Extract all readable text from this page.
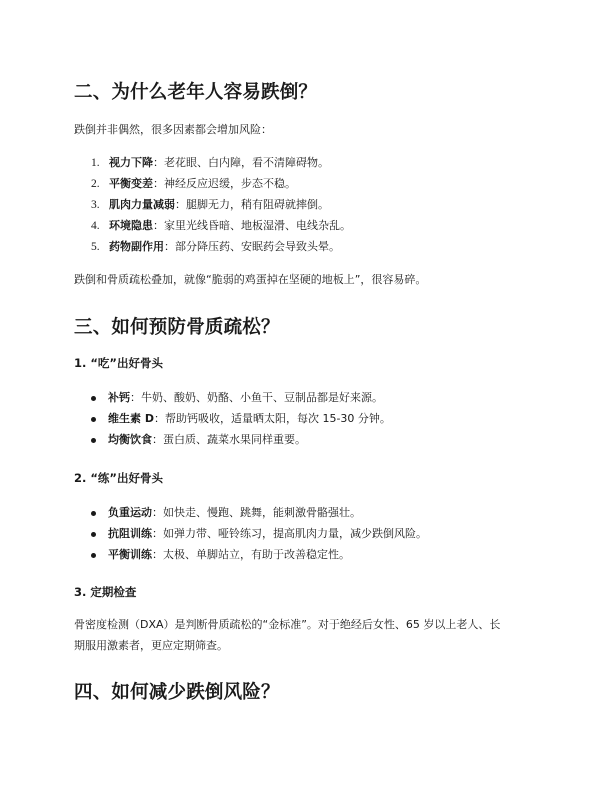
二、为什么老年人容易跌倒？

跌倒并非偶然，很多因素都会增加风险：

1. 视力下降：老花眼、白内障，看不清障碍物。
2. 平衡变差：神经反应迟缓，步态不稳。
3. 肌肉力量减弱：腿脚无力，稍有阻碍就摔倒。
4. 环境隐患：家里光线昏暗、地板湿滑、电线杂乱。
5. 药物副作用：部分降压药、安眠药会导致头晕。

跌倒和骨质疏松叠加，就像“脆弱的鸡蛋掉在坚硬的地板上”，很容易碎。

三、如何预防骨质疏松？
1. “吃”出好骨头
补钙：牛奶、酸奶、奶酪、小鱼干、豆制品都是好来源。
维生素 D：帮助钙吸收，适量晒太阳，每次 15-30 分钟。
均衡饮食：蛋白质、蔬菜水果同样重要。
2. “练”出好骨头
负重运动：如快走、慢跑、跳舞，能刺激骨骼强壮。
抗阻训练：如弹力带、哑铃练习，提高肌肉力量，减少跌倒风险。
平衡训练：太极、单脚站立，有助于改善稳定性。
3. 定期检查

骨密度检测（DXA）是判断骨质疏松的“金标准”。对于绝经后女性、65 岁以上老人、长

期服用激素者，更应定期筛查。

四、如何减少跌倒风险？
